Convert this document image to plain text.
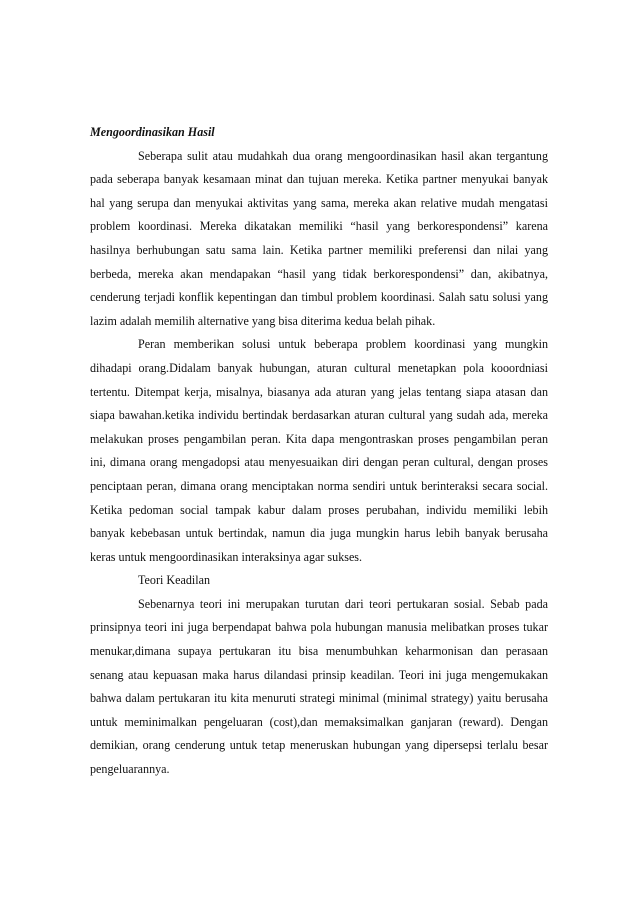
Mengoordinasikan Hasil

Seberapa sulit atau mudahkah dua orang mengoordinasikan hasil akan tergantung pada seberapa banyak kesamaan minat dan tujuan mereka. Ketika partner menyukai banyak hal yang serupa dan menyukai aktivitas yang sama, mereka akan relative mudah mengatasi problem koordinasi. Mereka dikatakan memiliki “hasil yang berkorespondensi” karena hasilnya berhubungan satu sama lain. Ketika partner memiliki preferensi dan nilai yang berbeda, mereka akan mendapakan “hasil yang tidak berkorespondensi” dan, akibatnya, cenderung terjadi konflik kepentingan dan timbul problem koordinasi. Salah satu solusi yang lazim adalah memilih alternative yang bisa diterima kedua belah pihak.

Peran memberikan solusi untuk beberapa problem koordinasi yang mungkin dihadapi orang.Didalam banyak hubungan, aturan cultural menetapkan pola kooordniasi tertentu. Ditempat kerja, misalnya, biasanya ada aturan yang jelas tentang siapa atasan dan siapa bawahan.ketika individu bertindak berdasarkan aturan cultural yang sudah ada, mereka melakukan proses pengambilan peran. Kita dapa mengontraskan proses pengambilan peran ini, dimana orang mengadopsi atau menyesuaikan diri dengan peran cultural, dengan proses penciptaan peran, dimana orang menciptakan norma sendiri untuk berinteraksi secara social. Ketika pedoman social tampak kabur dalam proses perubahan, individu memiliki lebih banyak kebebasan untuk bertindak, namun dia juga mungkin harus lebih banyak berusaha keras untuk mengoordinasikan interaksinya agar sukses.

Teori Keadilan

Sebenarnya teori ini merupakan turutan dari teori pertukaran sosial. Sebab pada prinsipnya teori ini juga berpendapat bahwa pola hubungan manusia melibatkan proses tukar menukar,dimana supaya pertukaran itu bisa menumbuhkan keharmonisan dan perasaan senang atau kepuasan maka harus dilandasi prinsip keadilan. Teori ini juga mengemukakan bahwa dalam pertukaran itu kita menuruti strategi minimal (minimal strategy) yaitu berusaha untuk meminimalkan pengeluaran (cost),dan memaksimalkan ganjaran (reward). Dengan demikian, orang cenderung untuk tetap meneruskan hubungan yang dipersepsi terlalu besar pengeluarannya.
